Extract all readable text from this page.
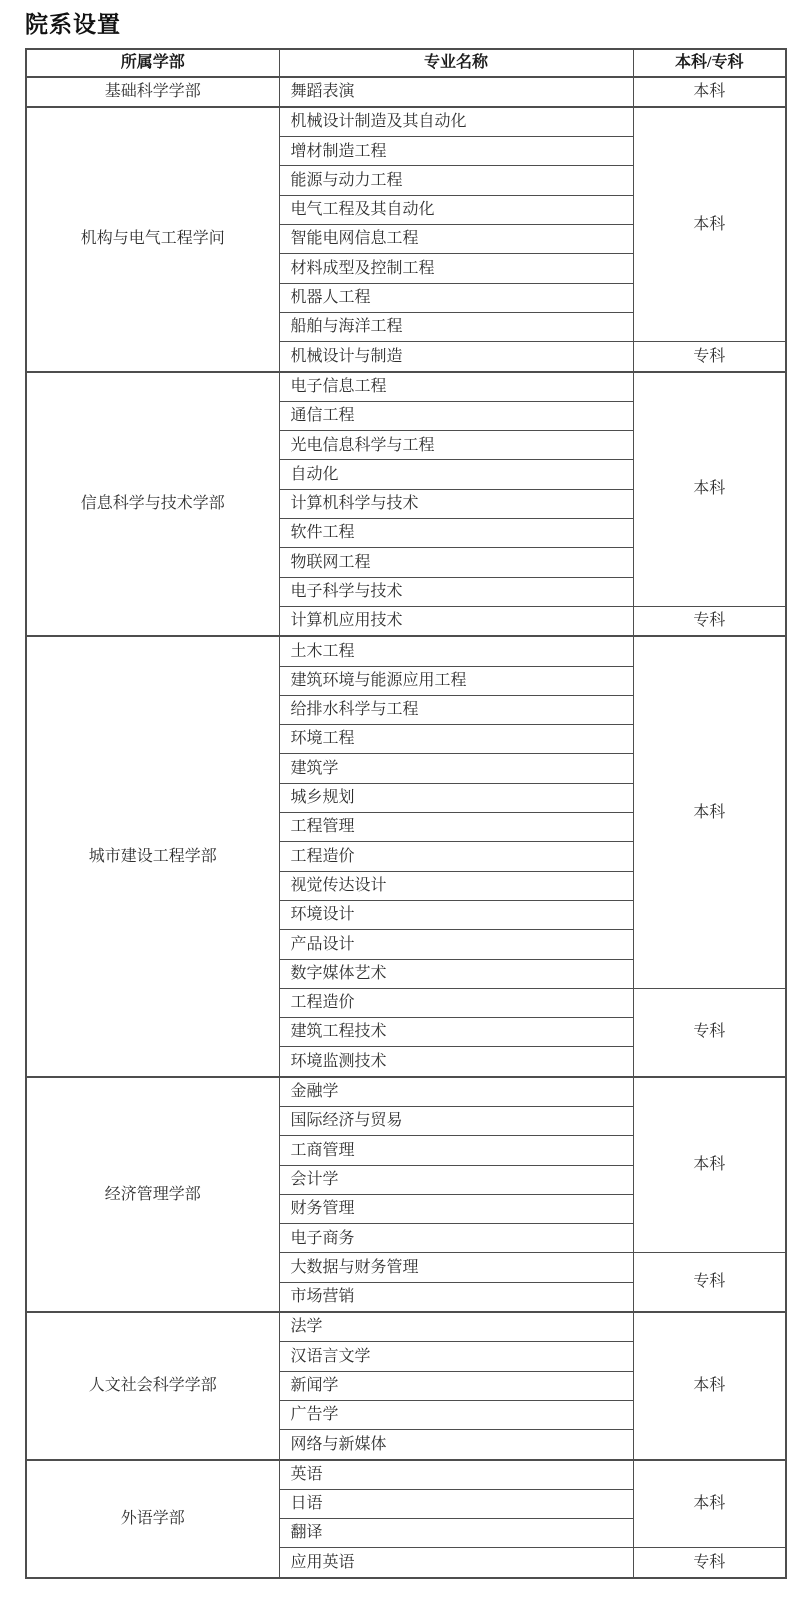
院系设置
所属学部	专业名称	本科/专科
基础科学学部	舞蹈表演	本科
机构与电气工程学问	机械设计制造及其自动化	本科
	增材制造工程	
	能源与动力工程	
	电气工程及其自动化	
	智能电网信息工程	
	材料成型及控制工程	
	机器人工程	
	船舶与海洋工程	
	机械设计与制造	专科
信息科学与技术学部	电子信息工程	本科
	通信工程	
	光电信息科学与工程	
	自动化	
	计算机科学与技术	
	软件工程	
	物联网工程	
	电子科学与技术	
	计算机应用技术	专科
城市建设工程学部	土木工程	本科
	建筑环境与能源应用工程	
	给排水科学与工程	
	环境工程	
	建筑学	
	城乡规划	
	工程管理	
	工程造价	
	视觉传达设计	
	环境设计	
	产品设计	
	数字媒体艺术	
	工程造价	专科
	建筑工程技术	
	环境监测技术	
经济管理学部	金融学	本科
	国际经济与贸易	
	工商管理	
	会计学	
	财务管理	
	电子商务	
	大数据与财务管理	专科
	市场营销	
人文社会科学学部	法学	本科
	汉语言文学	
	新闻学	
	广告学	
	网络与新媒体	
外语学部	英语	本科
	日语	
	翻译	
	应用英语	专科
